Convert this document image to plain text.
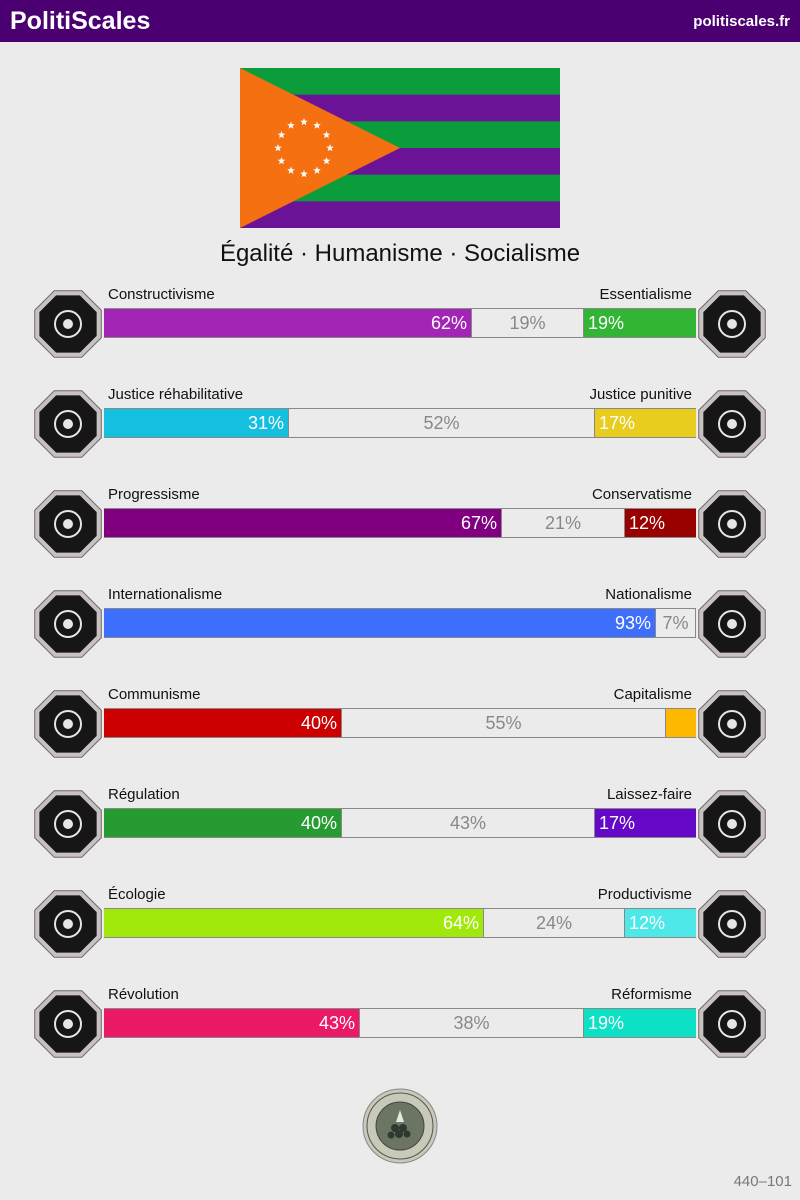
PolitiScales	politiscales.fr
Égalité · Humanisme · Socialisme
Constructivisme	Essentialisme
62%	19%	19%
Justice réhabilitative	Justice punitive
31%	52%	17%
Progressisme	Conservatisme
67%	21%	12%
Internationalisme	Nationalisme
93% 7%
Communisme	Capitalisme
40%	55%
Régulation	Laissez-faire
40%	43%	17%
Écologie	Productivisme
64%	24%	12%
Révolution	Réformisme
43%	38%	19%
440–101
